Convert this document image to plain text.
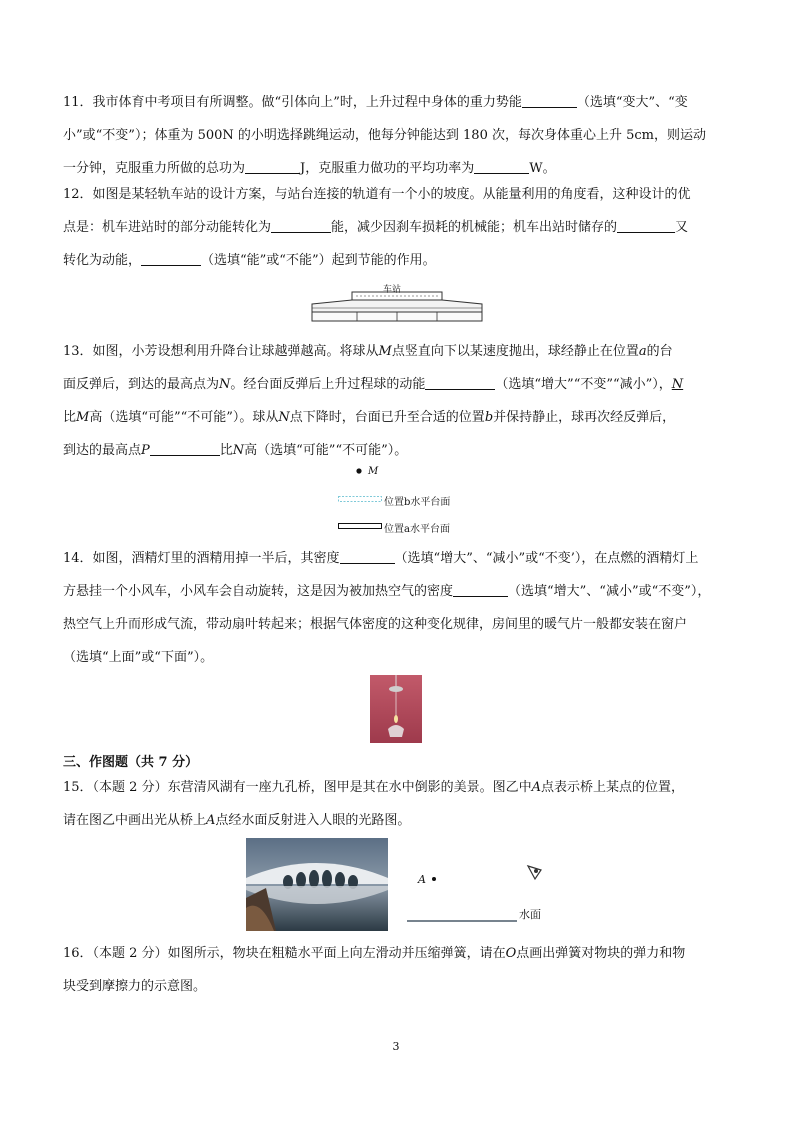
11．我市体育中考项目有所调整。做“引体向上”时，上升过程中身体的重力势能	（选填“变大”、“变
小”或“不变”）；体重为 500N 的小明选择跳绳运动，他每分钟能达到 180 次，每次身体重心上升 5cm，则运动
一分钟，克服重力所做的总功为	J，克服重力做功的平均功率为	W。
12．如图是某轻轨车站的设计方案，与站台连接的轨道有一个小的坡度。从能量利用的角度看，这种设计的优
点是：机车进站时的部分动能转化为	能，减少因刹车损耗的机械能；机车出站时储存的	又
转化为动能，	（选填“能”或“不能”）起到节能的作用。
车站
13．如图，小芳设想利用升降台让球越弹越高。将球从M点竖直向下以某速度抛出，球经静止在位置a的台
面反弹后，到达的最高点为N。经台面反弹后上升过程球的动能	（选填“增大”“不变”“减小”），N
比M高（选填“可能”“不可能”）。球从N点下降时，台面已升至合适的位置b并保持静止，球再次经反弹后，
到达的最高点P	比N高（选填“可能”“不可能”）。
M
位置b水平台面
位置a水平台面
14．如图，酒精灯里的酒精用掉一半后，其密度	（选填“增大”、“减小”或“不变’），在点燃的酒精灯上
方悬挂一个小风车，小风车会自动旋转，这是因为被加热空气的密度	（选填“增大”、“减小”或“不变”），
热空气上升而形成气流，带动扇叶转起来；根据气体密度的这种变化规律，房间里的暖气片一般都安装在窗户
（选填“上面”或“下面”）。
三、作图题（共 7 分）
15．（本题 2 分）东营清风湖有一座九孔桥，图甲是其在水中倒影的美景。图乙中A点表示桥上某点的位置，
请在图乙中画出光从桥上A点经水面反射进入人眼的光路图。
A
水面
16．（本题 2 分）如图所示，物块在粗糙水平面上向左滑动并压缩弹簧，请在O点画出弹簧对物块的弹力和物
块受到摩擦力的示意图。
3
